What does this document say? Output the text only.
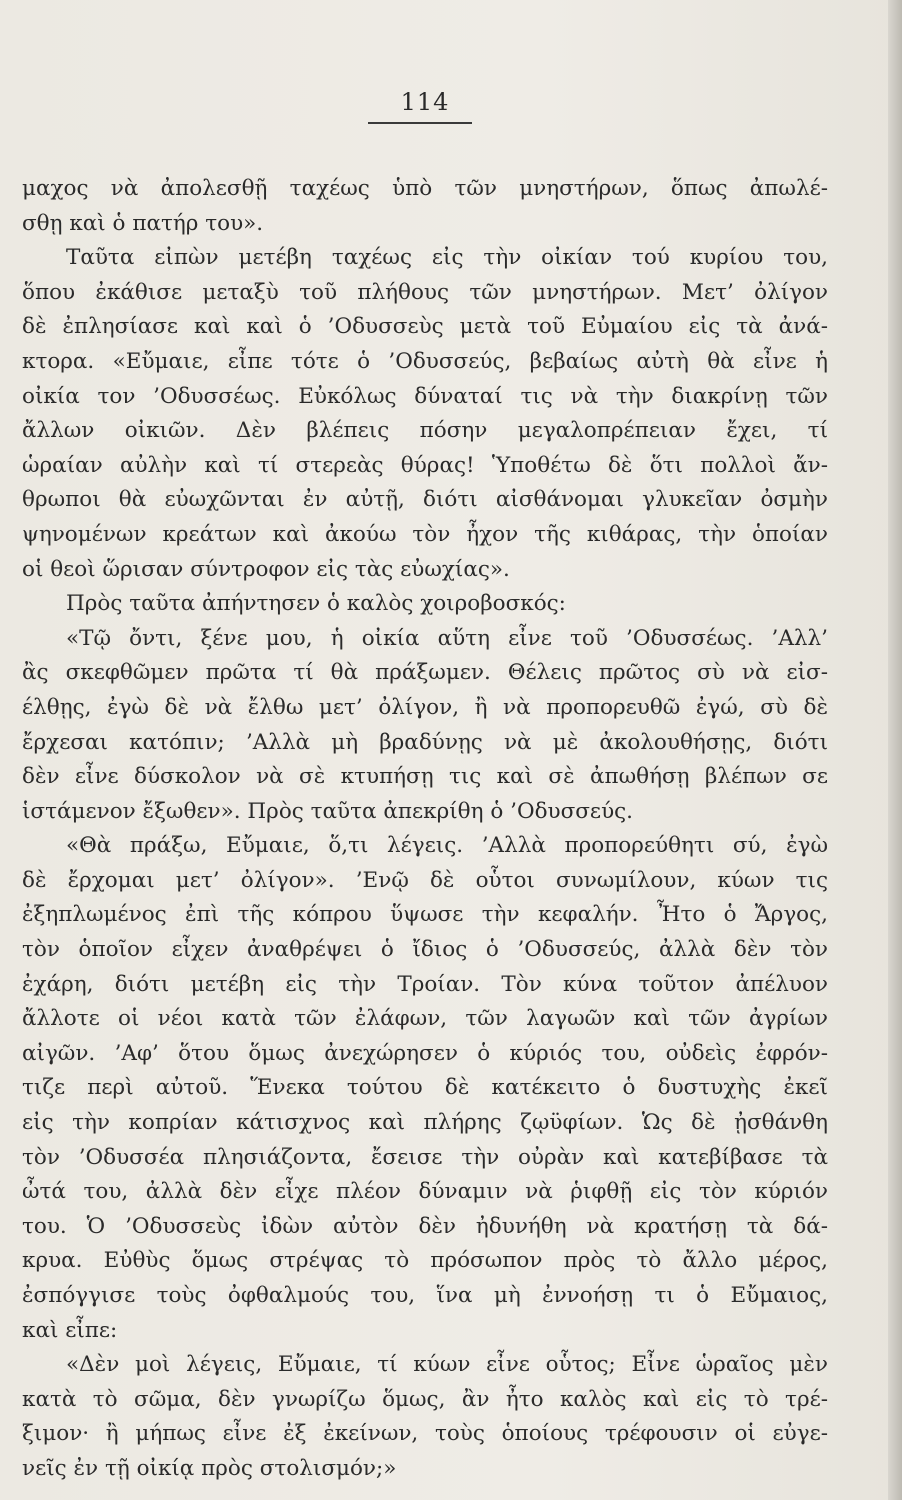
114
μαχος νὰ ἀπολεσθῇ ταχέως ὑπὸ τῶν μνηστήρων, ὅπως ἀπωλέ-
σθῃ καὶ ὁ πατήρ του».
Ταῦτα εἰπὼν μετέβη ταχέως εἰς τὴν οἰκίαν τού κυρίου του,
ὅπου ἐκάθισε μεταξὺ τοῦ πλήθους τῶν μνηστήρων. Μετ’ ὀλίγον
δὲ ἐπλησίασε καὶ καὶ ὁ ’Οδυσσεὺς μετὰ τοῦ Εὐμαίου εἰς τὰ ἀνά-
κτορα. «Εὔμαιε, εἶπε τότε ὁ ’Οδυσσεύς, βεβαίως αὐτὴ θὰ εἶνε ἡ
οἰκία τον ’Οδυσσέως. Εὐκόλως δύναταί τις νὰ τὴν διακρίνῃ τῶν
ἄλλων οἰκιῶν. Δὲν βλέπεις πόσην μεγαλοπρέπειαν ἔχει, τί
ὡραίαν αὐλὴν καὶ τί στερεὰς θύρας! Ὑποθέτω δὲ ὅτι πολλοὶ ἄν-
θρωποι θὰ εὐωχῶνται ἐν αὐτῇ, διότι αἰσθάνομαι γλυκεῖαν ὀσμὴν
ψηνομένων κρεάτων καὶ ἀκούω τὸν ἦχον τῆς κιθάρας, τὴν ὁποίαν
οἱ θεοὶ ὥρισαν σύντροφον εἰς τὰς εὐωχίας».
Πρὸς ταῦτα ἀπήντησεν ὁ καλὸς χοιροβοσκός:
«Τῷ ὄντι, ξένε μου, ἡ οἰκία αὕτη εἶνε τοῦ ’Οδυσσέως. ’Αλλ’
ἂς σκεφθῶμεν πρῶτα τί θὰ πράξωμεν. Θέλεις πρῶτος σὺ νὰ εἰσ-
έλθῃς, ἐγὼ δὲ νὰ ἔλθω μετ’ ὀλίγον, ἢ νὰ προπορευθῶ ἐγώ, σὺ δὲ
ἔρχεσαι κατόπιν; ’Αλλὰ μὴ βραδύνῃς νὰ μὲ ἀκολουθήσῃς, διότι
δὲν εἶνε δύσκολον νὰ σὲ κτυπήσῃ τις καὶ σὲ ἀπωθήσῃ βλέπων σε
ἱστάμενον ἔξωθεν». Πρὸς ταῦτα ἀπεκρίθη ὁ ’Οδυσσεύς.
«Θὰ πράξω, Εὔμαιε, ὅ,τι λέγεις. ’Αλλὰ προπορεύθητι σύ, ἐγὼ
δὲ ἔρχομαι μετ’ ὀλίγον». ’Ενῷ δὲ οὗτοι συνωμίλουν, κύων τις
ἐξηπλωμένος ἐπὶ τῆς κόπρου ὕψωσε τὴν κεφαλήν. Ἦτο ὁ Ἄργος,
τὸν ὁποῖον εἶχεν ἀναθρέψει ὁ ἴδιος ὁ ’Οδυσσεύς, ἀλλὰ δὲν τὸν
ἐχάρη, διότι μετέβη εἰς τὴν Τροίαν. Τὸν κύνα τοῦτον ἀπέλυον
ἄλλοτε οἱ νέοι κατὰ τῶν ἐλάφων, τῶν λαγωῶν καὶ τῶν ἀγρίων
αἰγῶν. ’Αφ’ ὅτου ὅμως ἀνεχώρησεν ὁ κύριός του, οὐδεὶς ἐφρόν-
τιζε περὶ αὐτοῦ. Ἕνεκα τούτου δὲ κατέκειτο ὁ δυστυχὴς ἐκεῖ
εἰς τὴν κοπρίαν κάτισχνος καὶ πλήρης ζῳϋφίων. Ὡς δὲ ᾐσθάνθη
τὸν ’Οδυσσέα πλησιάζοντα, ἔσεισε τὴν οὐρὰν καὶ κατεβίβασε τὰ
ὦτά του, ἀλλὰ δὲν εἶχε πλέον δύναμιν νὰ ῥιφθῇ εἰς τὸν κύριόν
του. Ὁ ’Οδυσσεὺς ἰδὼν αὐτὸν δὲν ἠδυνήθη νὰ κρατήσῃ τὰ δά-
κρυα. Εὐθὺς ὅμως στρέψας τὸ πρόσωπον πρὸς τὸ ἄλλο μέρος,
ἐσπόγγισε τοὺς ὀφθαλμούς του, ἵνα μὴ ἐννοήσῃ τι ὁ Εὔμαιος,
καὶ εἶπε:
«Δὲν μοὶ λέγεις, Εὔμαιε, τί κύων εἶνε οὗτος; Εἶνε ὡραῖος μὲν
κατὰ τὸ σῶμα, δὲν γνωρίζω ὅμως, ἂν ἦτο καλὸς καὶ εἰς τὸ τρέ-
ξιμον· ἢ μήπως εἶνε ἐξ ἐκείνων, τοὺς ὁποίους τρέφουσιν οἱ εὐγε-
νεῖς ἐν τῇ οἰκίᾳ πρὸς στολισμόν;»
